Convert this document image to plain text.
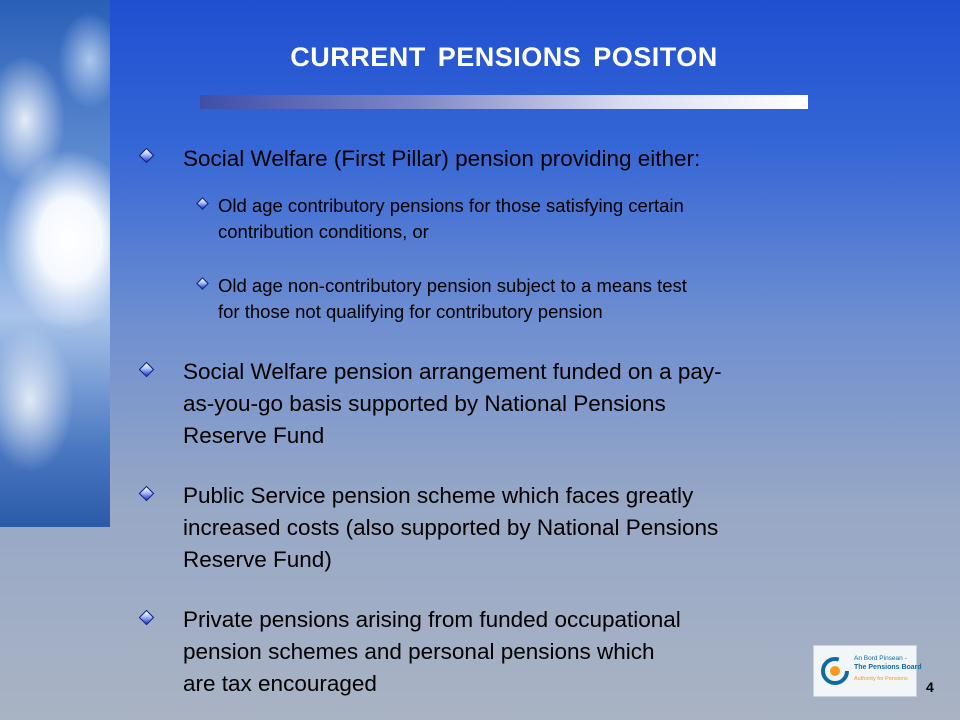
CURRENT PENSIONS POSITON
Social Welfare (First Pillar) pension providing either:
Old age contributory pensions for those satisfying certain
contribution conditions, or
Old age non-contributory pension subject to a means test
for those not qualifying for contributory pension
Social Welfare pension arrangement funded on a pay-
as-you-go basis supported by National Pensions
Reserve Fund
Public Service pension scheme which faces greatly
increased costs (also supported by National Pensions
Reserve Fund)
Private pensions arising from funded occupational
pension schemes and personal pensions which
are tax encouraged
An Bord Pinsean -
The Pensions Board
Authority for Pensions 4
